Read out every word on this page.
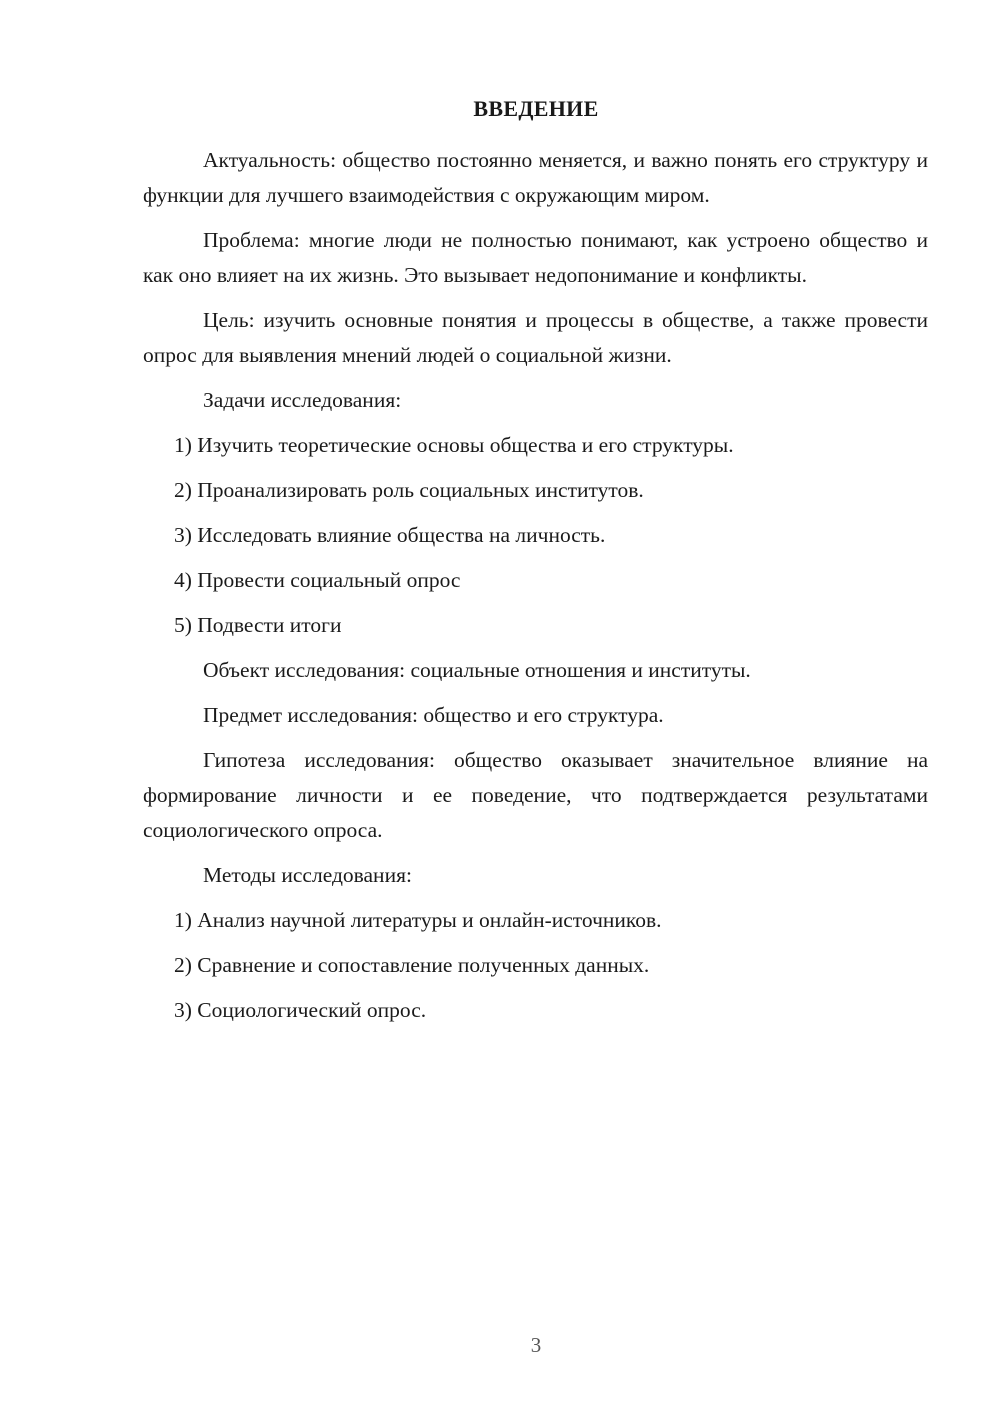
ВВЕДЕНИЕ

Актуальность: общество постоянно меняется, и важно понять его структуру и функции для лучшего взаимодействия с окружающим миром.

Проблема: многие люди не полностью понимают, как устроено общество и как оно влияет на их жизнь. Это вызывает недопонимание и конфликты.

Цель: изучить основные понятия и процессы в обществе, а также провести опрос для выявления мнений людей о социальной жизни.

Задачи исследования:

1) Изучить теоретические основы общества и его структуры.

2) Проанализировать роль социальных институтов.

3) Исследовать влияние общества на личность.

4) Провести социальный опрос

5) Подвести итоги

Объект исследования: социальные отношения и институты.

Предмет исследования: общество и его структура.

Гипотеза исследования: общество оказывает значительное влияние на формирование личности и ее поведение, что подтверждается результатами социологического опроса.

Методы исследования:

1) Анализ научной литературы и онлайн-источников.

2) Сравнение и сопоставление полученных данных.

3) Социологический опрос.

3
